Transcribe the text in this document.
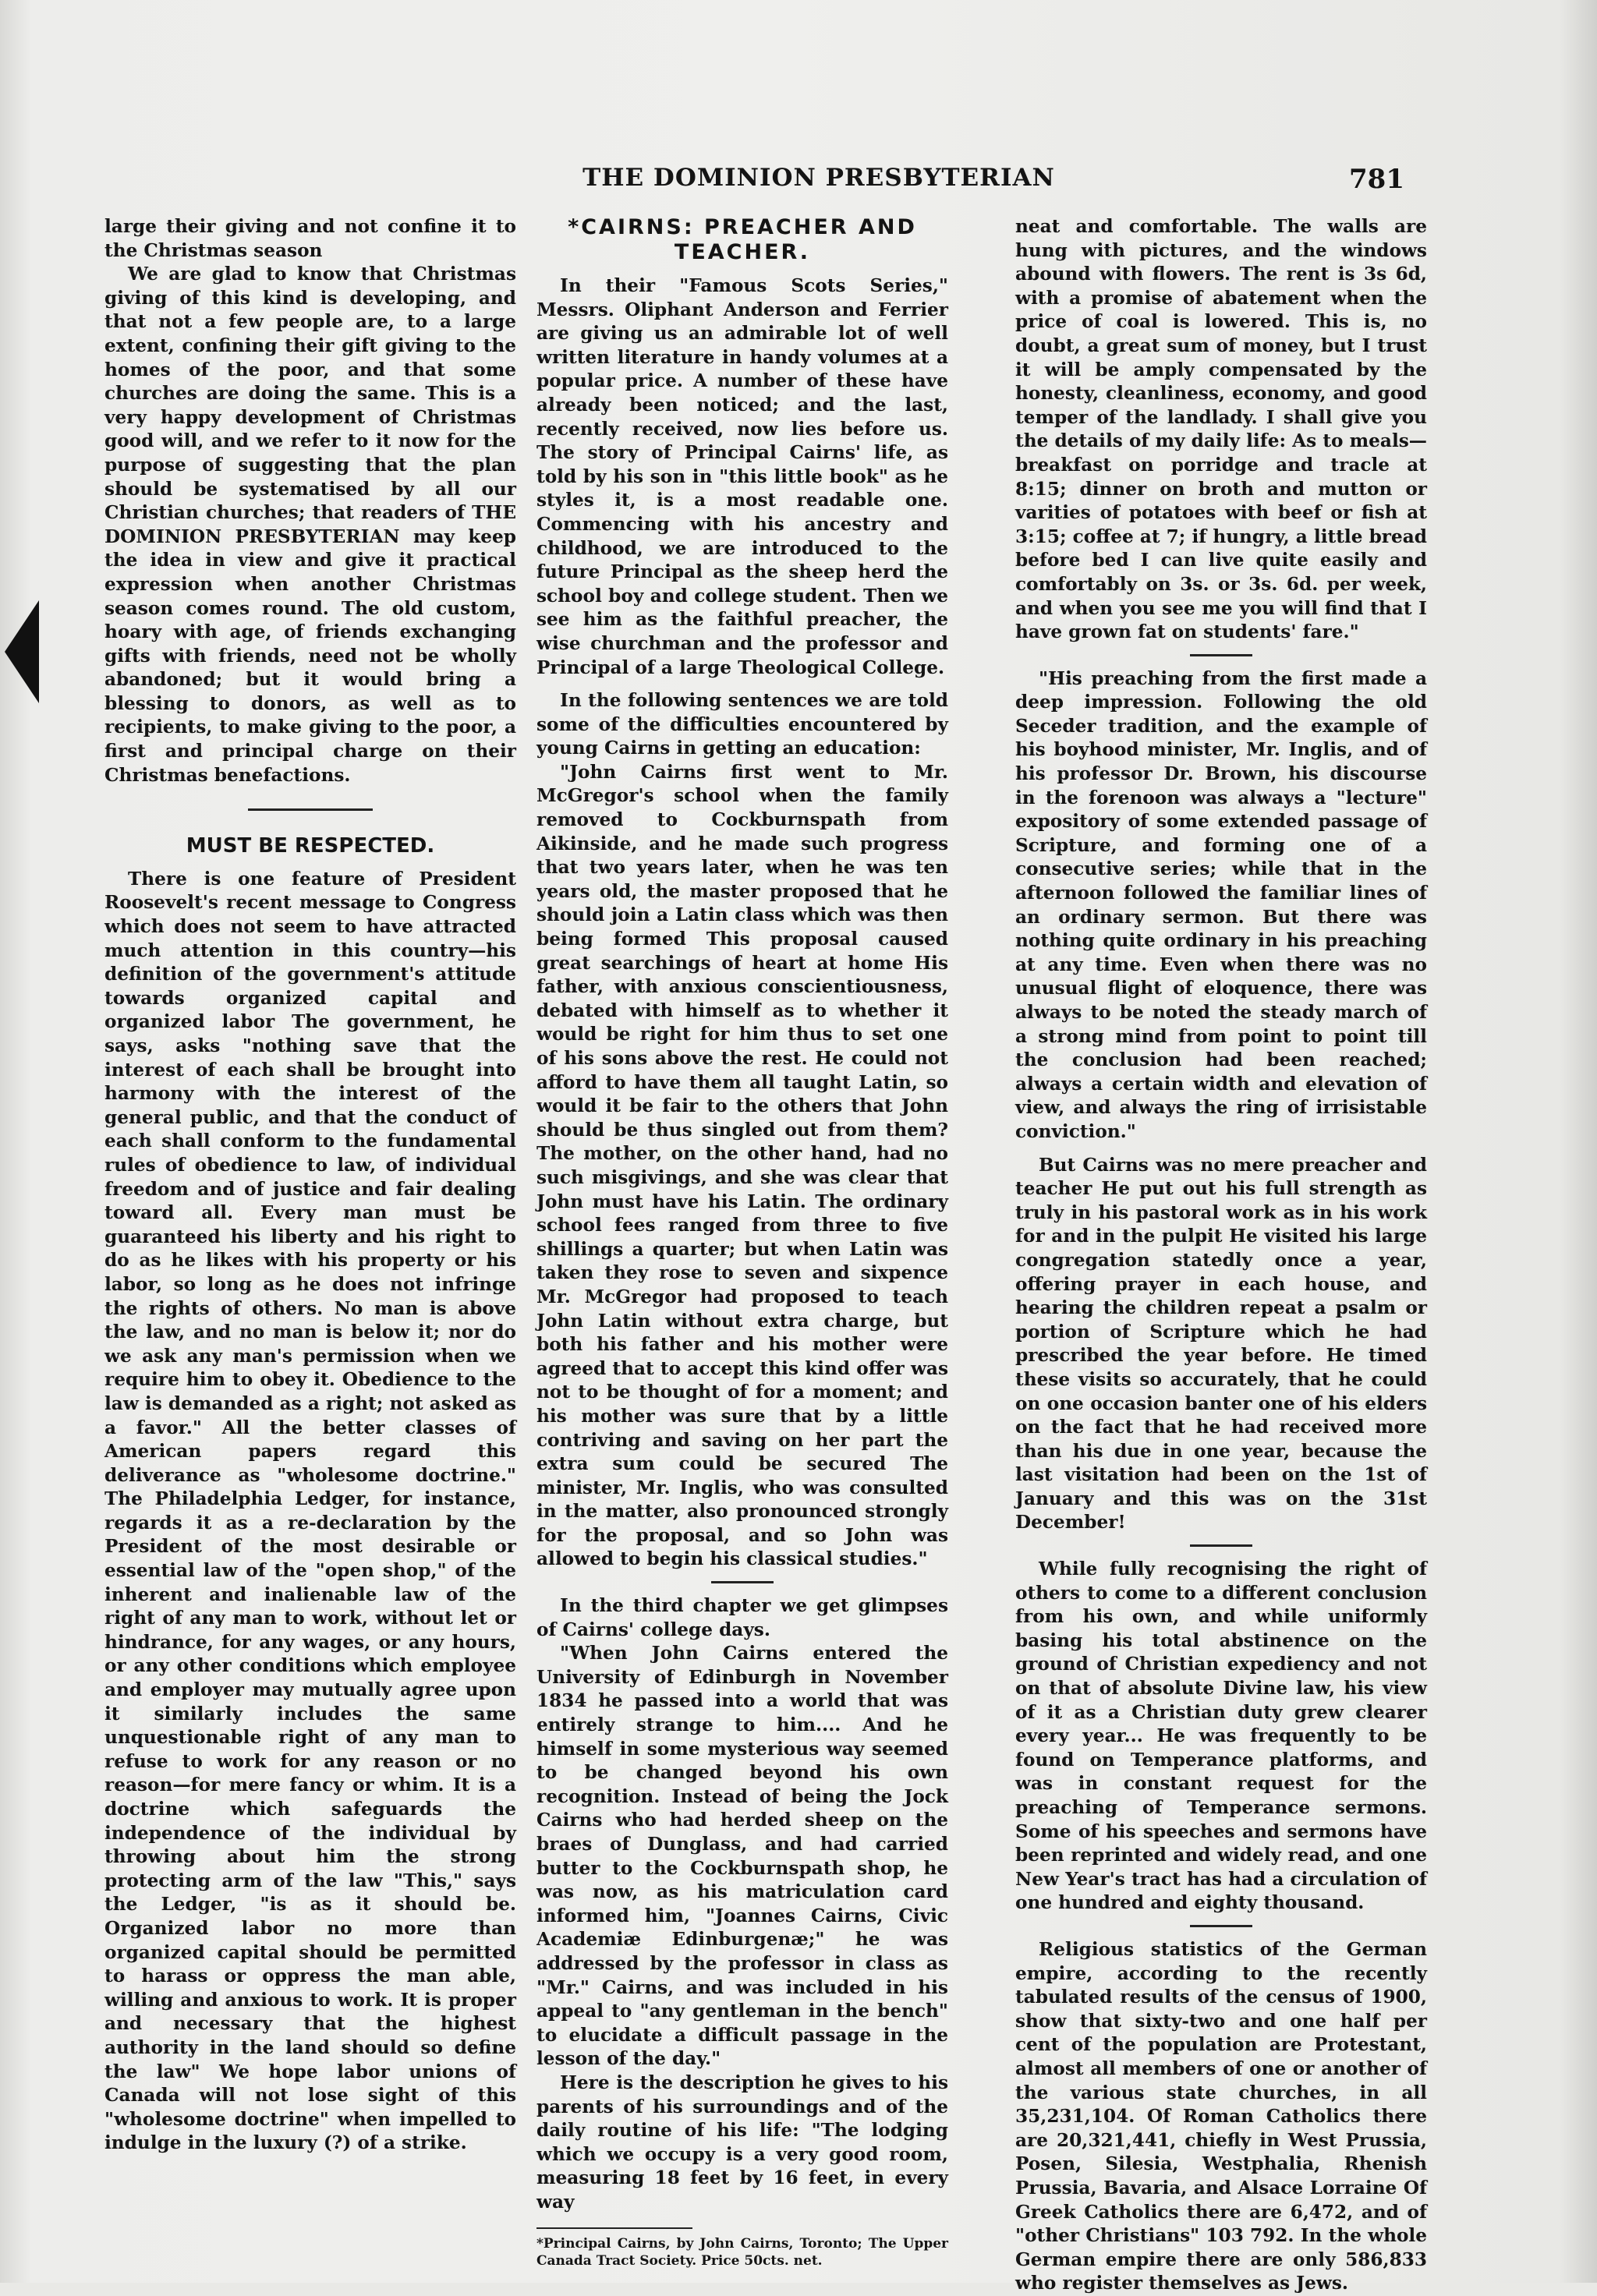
THE DOMINION PRESBYTERIAN	781

large their giving and not confine it to the Christmas season

We are glad to know that Christmas giving of this kind is developing, and that not a few people are, to a large extent, confining their gift giving to the homes of the poor, and that some churches are doing the same. This is a very happy development of Christmas good will, and we refer to it now for the purpose of suggesting that the plan should be systematised by all our Christian churches; that readers of THE DOMINION PRESBYTERIAN may keep the idea in view and give it practical expression when another Christmas season comes round. The old custom, hoary with age, of friends exchanging gifts with friends, need not be wholly abandoned; but it would bring a blessing to donors, as well as to recipients, to make giving to the poor, a first and principal charge on their Christmas benefactions.

MUST BE RESPECTED.

There is one feature of President Roosevelt's recent message to Congress which does not seem to have attracted much attention in this country—his definition of the government's attitude towards organized capital and organized labor The government, he says, asks "nothing save that the interest of each shall be brought into harmony with the interest of the general public, and that the conduct of each shall conform to the fundamental rules of obedience to law, of individual freedom and of justice and fair dealing toward all. Every man must be guaranteed his liberty and his right to do as he likes with his property or his labor, so long as he does not infringe the rights of others. No man is above the law, and no man is below it; nor do we ask any man's permission when we require him to obey it. Obedience to the law is demanded as a right; not asked as a favor." All the better classes of American papers regard this deliverance as "wholesome doctrine." The Philadelphia Ledger, for instance, regards it as a re-declaration by the President of the most desirable or essential law of the "open shop," of the inherent and inalienable law of the right of any man to work, without let or hindrance, for any wages, or any hours, or any other conditions which employee and employer may mutually agree upon it similarly includes the same unquestionable right of any man to refuse to work for any reason or no reason—for mere fancy or whim. It is a doctrine which safeguards the independence of the individual by throwing about him the strong protecting arm of the law "This," says the Ledger, "is as it should be. Organized labor no more than organized capital should be permitted to harass or oppress the man able, willing and anxious to work. It is proper and necessary that the highest authority in the land should so define the law" We hope labor unions of Canada will not lose sight of this "wholesome doctrine" when impelled to indulge in the luxury (?) of a strike.

*CAIRNS: PREACHER AND TEACHER.

In their "Famous Scots Series," Messrs. Oliphant Anderson and Ferrier are giving us an admirable lot of well written literature in handy volumes at a popular price. A number of these have already been noticed; and the last, recently received, now lies before us. The story of Principal Cairns' life, as told by his son in "this little book" as he styles it, is a most readable one. Commencing with his ancestry and childhood, we are introduced to the future Principal as the sheep herd the school boy and college student. Then we see him as the faithful preacher, the wise churchman and the professor and Principal of a large Theological College.

In the following sentences we are told some of the difficulties encountered by young Cairns in getting an education:

"John Cairns first went to Mr. McGregor's school when the family removed to Cockburnspath from Aikinside, and he made such progress that two years later, when he was ten years old, the master proposed that he should join a Latin class which was then being formed This proposal caused great searchings of heart at home His father, with anxious conscientiousness, debated with himself as to whether it would be right for him thus to set one of his sons above the rest. He could not afford to have them all taught Latin, so would it be fair to the others that John should be thus singled out from them? The mother, on the other hand, had no such misgivings, and she was clear that John must have his Latin. The ordinary school fees ranged from three to five shillings a quarter; but when Latin was taken they rose to seven and sixpence Mr. McGregor had proposed to teach John Latin without extra charge, but both his father and his mother were agreed that to accept this kind offer was not to be thought of for a moment; and his mother was sure that by a little contriving and saving on her part the extra sum could be secured The minister, Mr. Inglis, who was consulted in the matter, also pronounced strongly for the proposal, and so John was allowed to begin his classical studies."

In the third chapter we get glimpses of Cairns' college days.

"When John Cairns entered the University of Edinburgh in November 1834 he passed into a world that was entirely strange to him.... And he himself in some mysterious way seemed to be changed beyond his own recognition. Instead of being the Jock Cairns who had herded sheep on the braes of Dunglass, and had carried butter to the Cockburnspath shop, he was now, as his matriculation card informed him, "Joannes Cairns, Civic Academiæ Edinburgenæ;" he was addressed by the professor in class as "Mr." Cairns, and was included in his appeal to "any gentleman in the bench" to elucidate a difficult passage in the lesson of the day."

Here is the description he gives to his parents of his surroundings and of the daily routine of his life: "The lodging which we occupy is a very good room, measuring 18 feet by 16 feet, in every way

*Principal Cairns, by John Cairns, Toronto; The Upper Canada Tract Society. Price 50cts. net.

neat and comfortable. The walls are hung with pictures, and the windows abound with flowers. The rent is 3s 6d, with a promise of abatement when the price of coal is lowered. This is, no doubt, a great sum of money, but I trust it will be amply compensated by the honesty, cleanliness, economy, and good temper of the landlady. I shall give you the details of my daily life: As to meals—breakfast on porridge and tracle at 8:15; dinner on broth and mutton or varities of potatoes with beef or fish at 3:15; coffee at 7; if hungry, a little bread before bed I can live quite easily and comfortably on 3s. or 3s. 6d. per week, and when you see me you will find that I have grown fat on students' fare."

"His preaching from the first made a deep impression. Following the old Seceder tradition, and the example of his boyhood minister, Mr. Inglis, and of his professor Dr. Brown, his discourse in the forenoon was always a "lecture" expository of some extended passage of Scripture, and forming one of a consecutive series; while that in the afternoon followed the familiar lines of an ordinary sermon. But there was nothing quite ordinary in his preaching at any time. Even when there was no unusual flight of eloquence, there was always to be noted the steady march of a strong mind from point to point till the conclusion had been reached; always a certain width and elevation of view, and always the ring of irrisistable conviction."

But Cairns was no mere preacher and teacher He put out his full strength as truly in his pastoral work as in his work for and in the pulpit He visited his large congregation statedly once a year, offering prayer in each house, and hearing the children repeat a psalm or portion of Scripture which he had prescribed the year before. He timed these visits so accurately, that he could on one occasion banter one of his elders on the fact that he had received more than his due in one year, because the last visitation had been on the 1st of January and this was on the 31st December!

While fully recognising the right of others to come to a different conclusion from his own, and while uniformly basing his total abstinence on the ground of Christian expediency and not on that of absolute Divine law, his view of it as a Christian duty grew clearer every year... He was frequently to be found on Temperance platforms, and was in constant request for the preaching of Temperance sermons. Some of his speeches and sermons have been reprinted and widely read, and one New Year's tract has had a circulation of one hundred and eighty thousand.

Religious statistics of the German empire, according to the recently tabulated results of the census of 1900, show that sixty-two and one half per cent of the population are Protestant, almost all members of one or another of the various state churches, in all 35,231,104. Of Roman Catholics there are 20,321,441, chiefly in West Prussia, Posen, Silesia, Westphalia, Rhenish Prussia, Bavaria, and Alsace Lorraine Of Greek Catholics there are 6,472, and of "other Christians" 103 792. In the whole German empire there are only 586,833 who register themselves as Jews.
